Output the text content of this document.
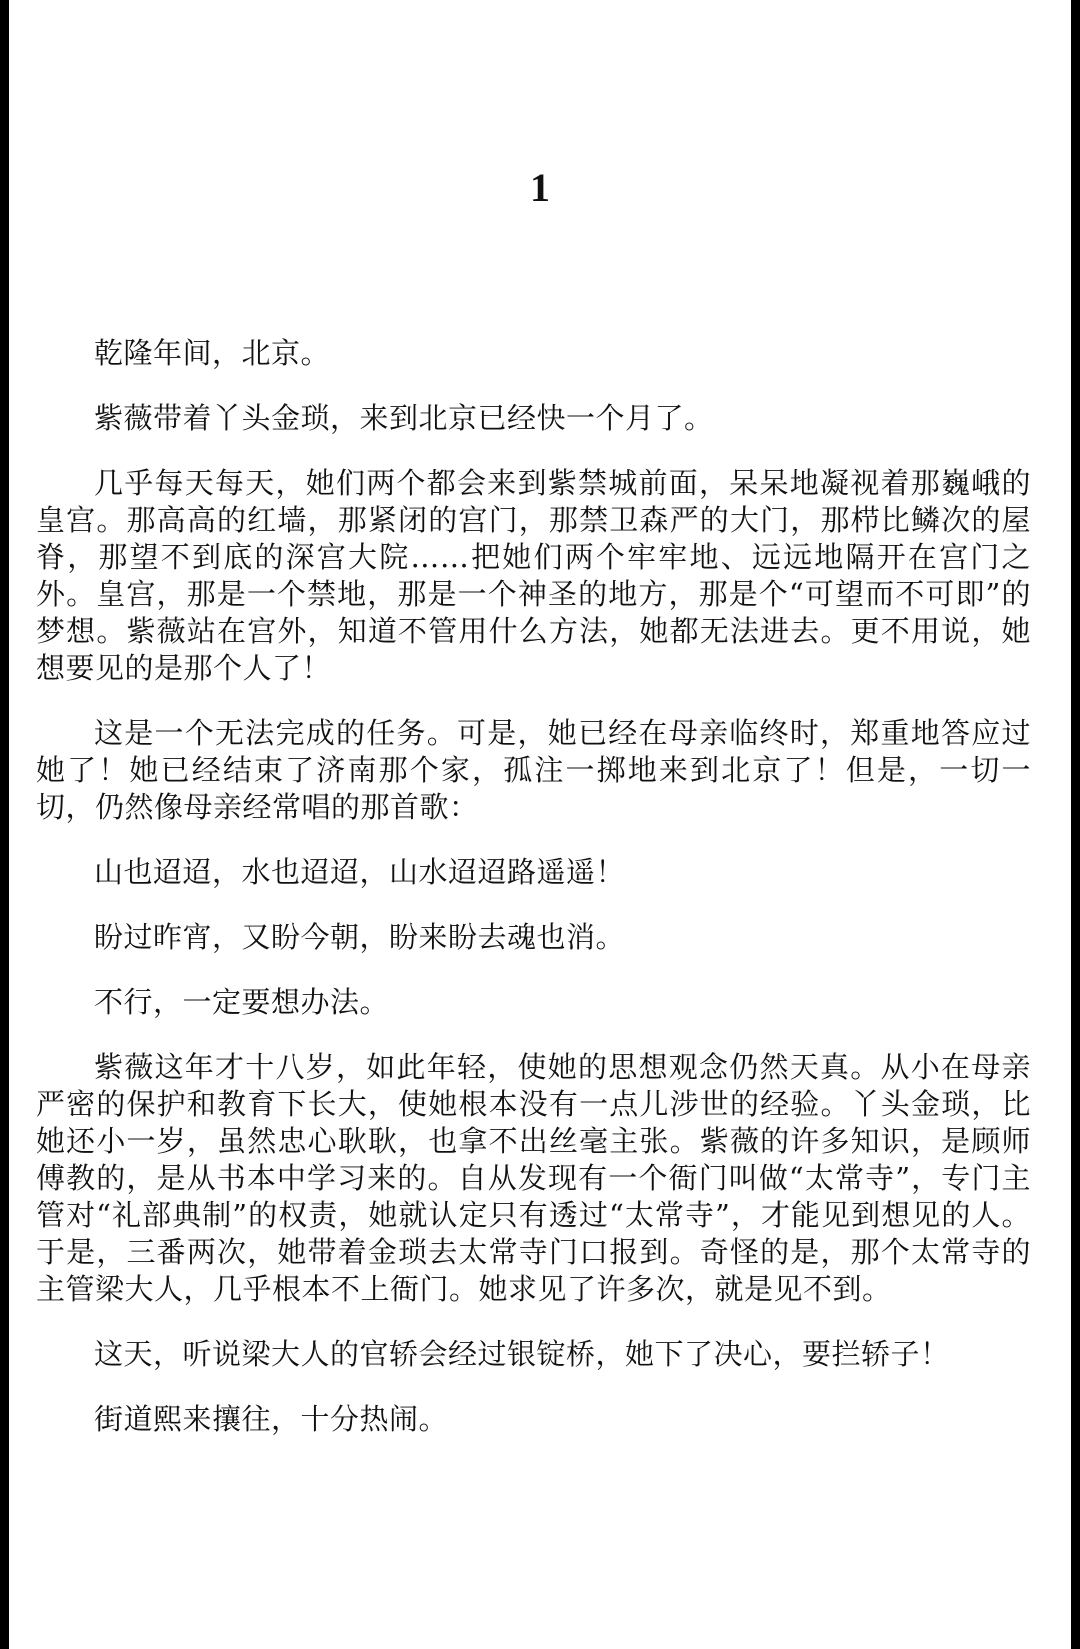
1

乾隆年间，北京。

紫薇带着丫头金琐，来到北京已经快一个月了。

几乎每天每天，她们两个都会来到紫禁城前面，呆呆地凝视着那巍峨的皇宫。那高高的红墙，那紧闭的宫门，那禁卫森严的大门，那栉比鳞次的屋脊，那望不到底的深宫大院……把她们两个牢牢地、远远地隔开在宫门之外。皇宫，那是一个禁地，那是一个神圣的地方，那是个“可望而不可即”的梦想。紫薇站在宫外，知道不管用什么方法，她都无法进去。更不用说，她想要见的是那个人了！

这是一个无法完成的任务。可是，她已经在母亲临终时，郑重地答应过她了！她已经结束了济南那个家，孤注一掷地来到北京了！但是，一切一切，仍然像母亲经常唱的那首歌：

山也迢迢，水也迢迢，山水迢迢路遥遥！

盼过昨宵，又盼今朝，盼来盼去魂也消。

不行，一定要想办法。

紫薇这年才十八岁，如此年轻，使她的思想观念仍然天真。从小在母亲严密的保护和教育下长大，使她根本没有一点儿涉世的经验。丫头金琐，比她还小一岁，虽然忠心耿耿，也拿不出丝毫主张。紫薇的许多知识，是顾师傅教的，是从书本中学习来的。自从发现有一个衙门叫做“太常寺”，专门主管对“礼部典制”的权责，她就认定只有透过“太常寺”，才能见到想见的人。于是，三番两次，她带着金琐去太常寺门口报到。奇怪的是，那个太常寺的主管梁大人，几乎根本不上衙门。她求见了许多次，就是见不到。

这天，听说梁大人的官轿会经过银锭桥，她下了决心，要拦轿子！

街道熙来攘往，十分热闹。
